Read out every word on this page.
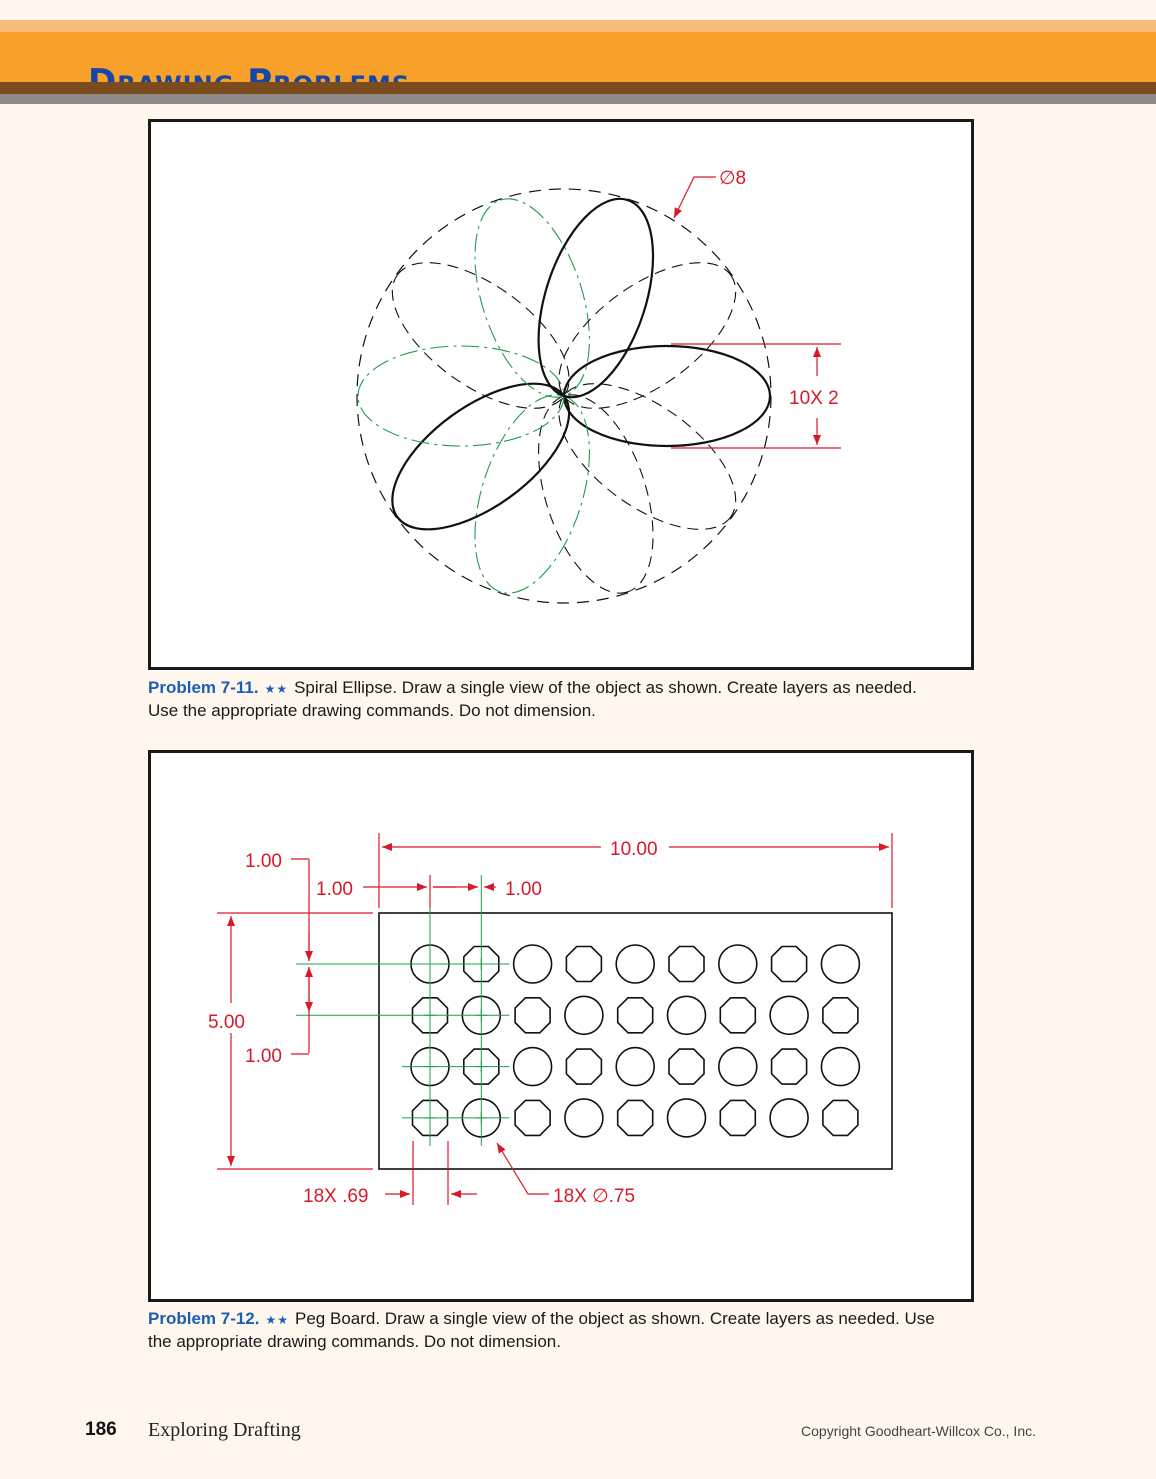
∅8
10X 2
Problem 7-11. ★★ Spiral Ellipse. Draw a single view of the object as shown. Create layers as needed. Use the appropriate drawing commands. Do not dimension.
10.00
1.00	1.00
1.00
1.00
5.00
18X .69	18X ∅.75
Problem 7-12. ★★ Peg Board. Draw a single view of the object as shown. Create layers as needed. Use the appropriate drawing commands. Do not dimension.
186 Exploring Drafting	Copyright Goodheart-Willcox Co., Inc.
